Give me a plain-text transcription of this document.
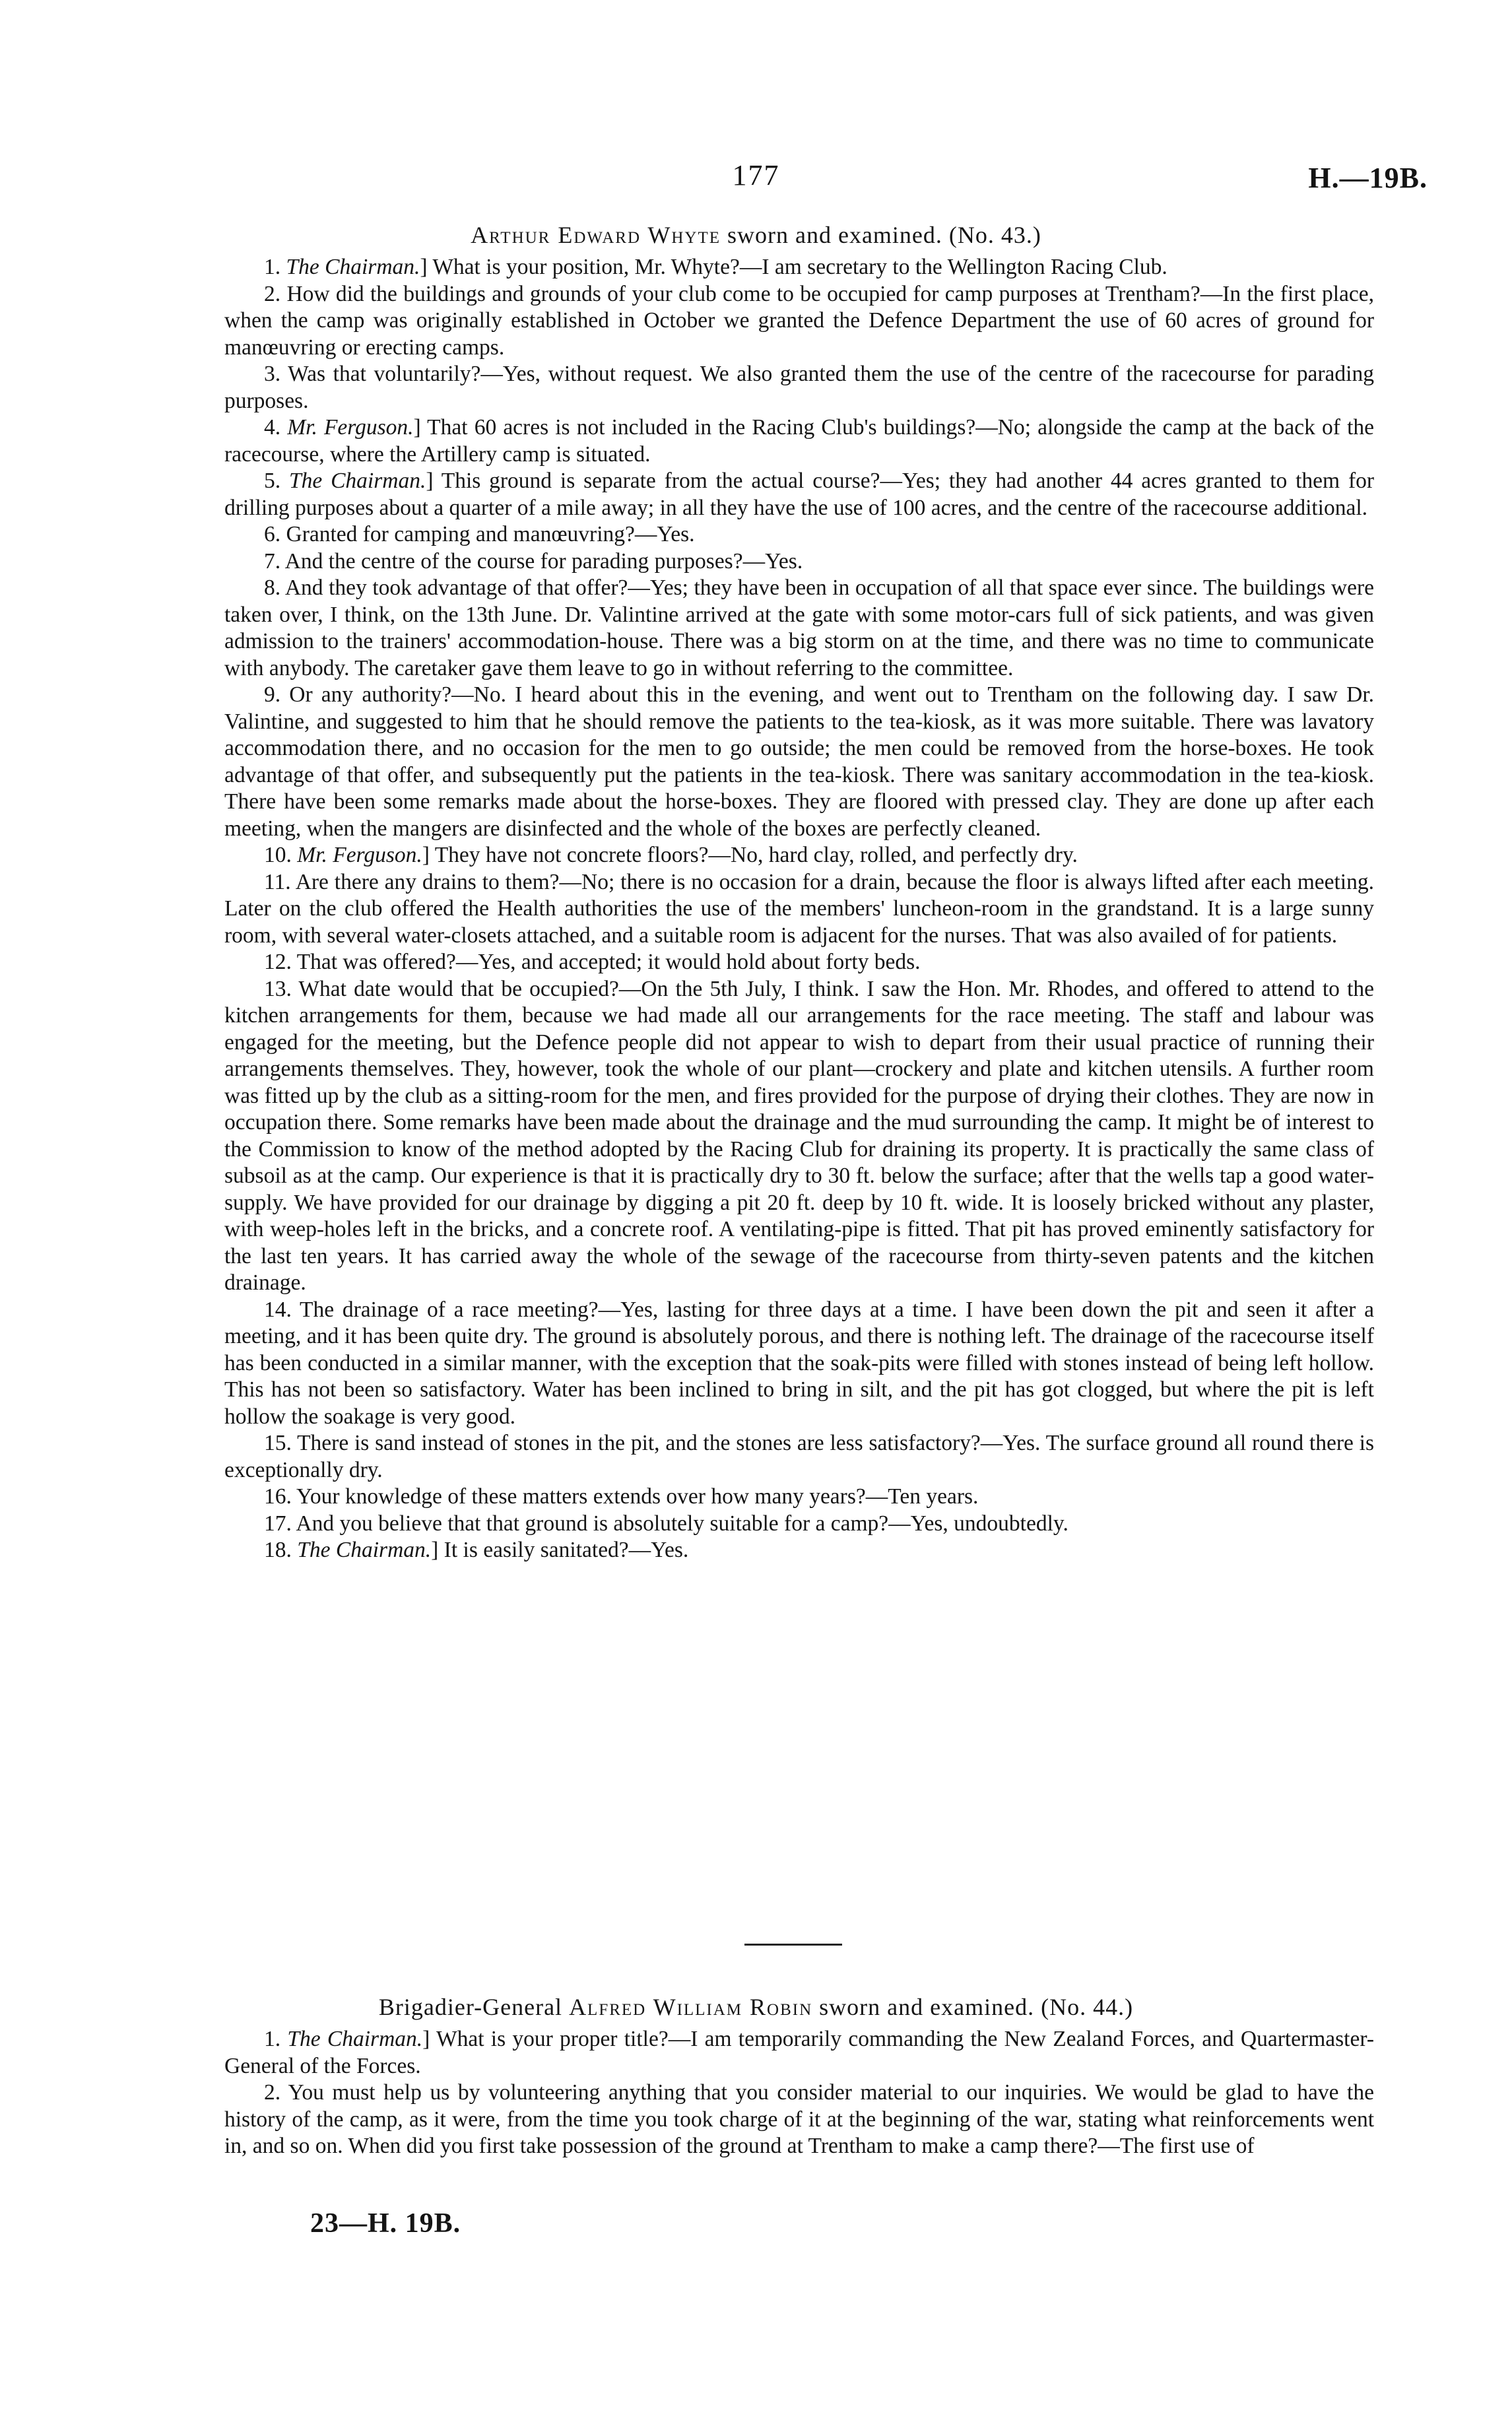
177	H.—19B.
Arthur Edward Whyte sworn and examined. (No. 43.)

1. The Chairman.] What is your position, Mr. Whyte?—I am secretary to the Wellington Racing Club.

2. How did the buildings and grounds of your club come to be occupied for camp purposes at Trentham?—In the first place, when the camp was originally established in October we granted the Defence Department the use of 60 acres of ground for manœuvring or erecting camps.

3. Was that voluntarily?—Yes, without request. We also granted them the use of the centre of the racecourse for parading purposes.

4. Mr. Ferguson.] That 60 acres is not included in the Racing Club's buildings?—No; alongside the camp at the back of the racecourse, where the Artillery camp is situated.

5. The Chairman.] This ground is separate from the actual course?—Yes; they had another 44 acres granted to them for drilling purposes about a quarter of a mile away; in all they have the use of 100 acres, and the centre of the racecourse additional.

6. Granted for camping and manœuvring?—Yes.

7. And the centre of the course for parading purposes?—Yes.

8. And they took advantage of that offer?—Yes; they have been in occupation of all that space ever since. The buildings were taken over, I think, on the 13th June. Dr. Valintine arrived at the gate with some motor-cars full of sick patients, and was given admission to the trainers' accommodation-house. There was a big storm on at the time, and there was no time to communicate with anybody. The caretaker gave them leave to go in without referring to the committee.

9. Or any authority?—No. I heard about this in the evening, and went out to Trentham on the following day. I saw Dr. Valintine, and suggested to him that he should remove the patients to the tea-kiosk, as it was more suitable. There was lavatory accommodation there, and no occasion for the men to go outside; the men could be removed from the horse-boxes. He took advantage of that offer, and subsequently put the patients in the tea-kiosk. There was sanitary accommodation in the tea-kiosk. There have been some remarks made about the horse-boxes. They are floored with pressed clay. They are done up after each meeting, when the mangers are disinfected and the whole of the boxes are perfectly cleaned.

10. Mr. Ferguson.] They have not concrete floors?—No, hard clay, rolled, and perfectly dry.

11. Are there any drains to them?—No; there is no occasion for a drain, because the floor is always lifted after each meeting. Later on the club offered the Health authorities the use of the members' luncheon-room in the grandstand. It is a large sunny room, with several water-closets attached, and a suitable room is adjacent for the nurses. That was also availed of for patients.

12. That was offered?—Yes, and accepted; it would hold about forty beds.

13. What date would that be occupied?—On the 5th July, I think. I saw the Hon. Mr. Rhodes, and offered to attend to the kitchen arrangements for them, because we had made all our arrangements for the race meeting. The staff and labour was engaged for the meeting, but the Defence people did not appear to wish to depart from their usual practice of running their arrangements themselves. They, however, took the whole of our plant—crockery and plate and kitchen utensils. A further room was fitted up by the club as a sitting-room for the men, and fires provided for the purpose of drying their clothes. They are now in occupation there. Some remarks have been made about the drainage and the mud surrounding the camp. It might be of interest to the Commission to know of the method adopted by the Racing Club for draining its property. It is practically the same class of subsoil as at the camp. Our experience is that it is practically dry to 30 ft. below the surface; after that the wells tap a good water-supply. We have provided for our drainage by digging a pit 20 ft. deep by 10 ft. wide. It is loosely bricked without any plaster, with weep-holes left in the bricks, and a concrete roof. A ventilating-pipe is fitted. That pit has proved eminently satisfactory for the last ten years. It has carried away the whole of the sewage of the racecourse from thirty-seven patents and the kitchen drainage.

14. The drainage of a race meeting?—Yes, lasting for three days at a time. I have been down the pit and seen it after a meeting, and it has been quite dry. The ground is absolutely porous, and there is nothing left. The drainage of the racecourse itself has been conducted in a similar manner, with the exception that the soak-pits were filled with stones instead of being left hollow. This has not been so satisfactory. Water has been inclined to bring in silt, and the pit has got clogged, but where the pit is left hollow the soakage is very good.

15. There is sand instead of stones in the pit, and the stones are less satisfactory?—Yes. The surface ground all round there is exceptionally dry.

16. Your knowledge of these matters extends over how many years?—Ten years.

17. And you believe that that ground is absolutely suitable for a camp?—Yes, undoubtedly.

18. The Chairman.] It is easily sanitated?—Yes.

Brigadier-General Alfred William Robin sworn and examined. (No. 44.)

1. The Chairman.] What is your proper title?—I am temporarily commanding the New Zealand Forces, and Quartermaster-General of the Forces.

2. You must help us by volunteering anything that you consider material to our inquiries. We would be glad to have the history of the camp, as it were, from the time you took charge of it at the beginning of the war, stating what reinforcements went in, and so on. When did you first take possession of the ground at Trentham to make a camp there?—The first use of

23—H. 19B.
